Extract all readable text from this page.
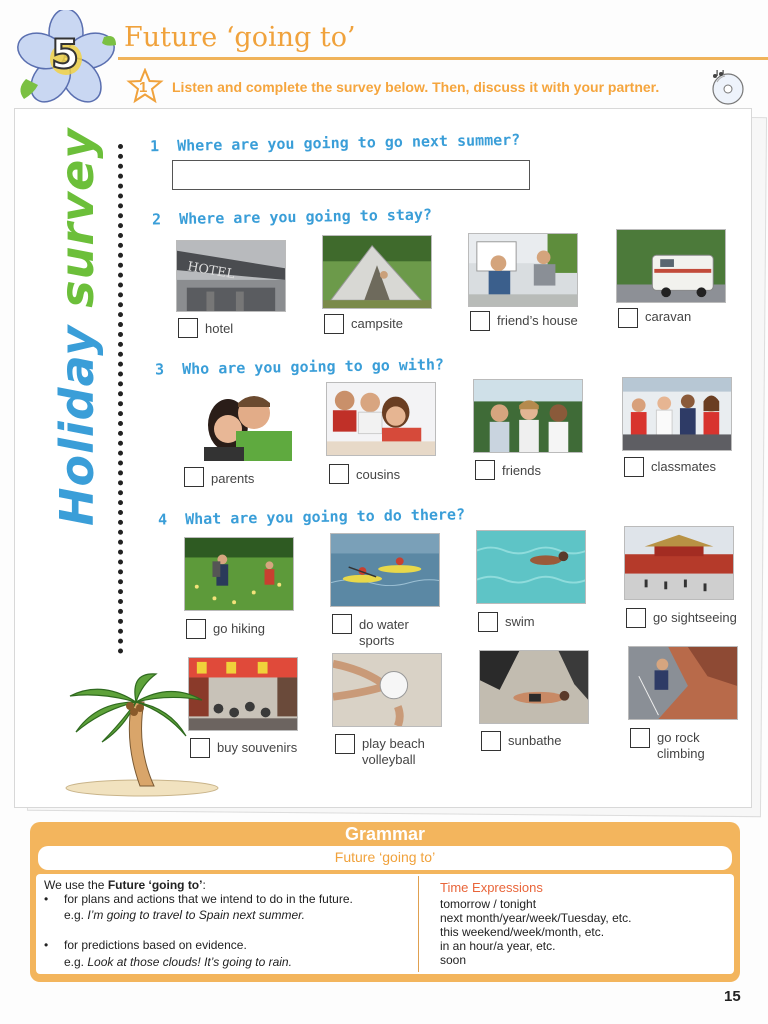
5 Future ‘going to’
1 Listen and complete the survey below. Then, discuss it with your partner.
Holiday survey	1 Where are you going to go next summer?
2 Where are you going to stay?
HOTEL
hotel	campsite	friend’s house	caravan
3 Who are you going to go with?
parents	cousins	friends	classmates
4 What are you going to do there?
go hiking	do water sports
swim	go sightseeing
buy souvenirs	play beach volleyball
sunbathe	go rock climbing
Grammar
Future ‘going to’
We use the Future ‘going to’:
• for plans and actions that we intend to do in the future.
e.g. I’m going to travel to Spain next summer.
• for predictions based on evidence.
e.g. Look at those clouds! It’s going to rain.
Time Expressions
tomorrow / tonight
next month/year/week/Tuesday, etc.
this weekend/week/month, etc.
in an hour/a year, etc.
soon
15
